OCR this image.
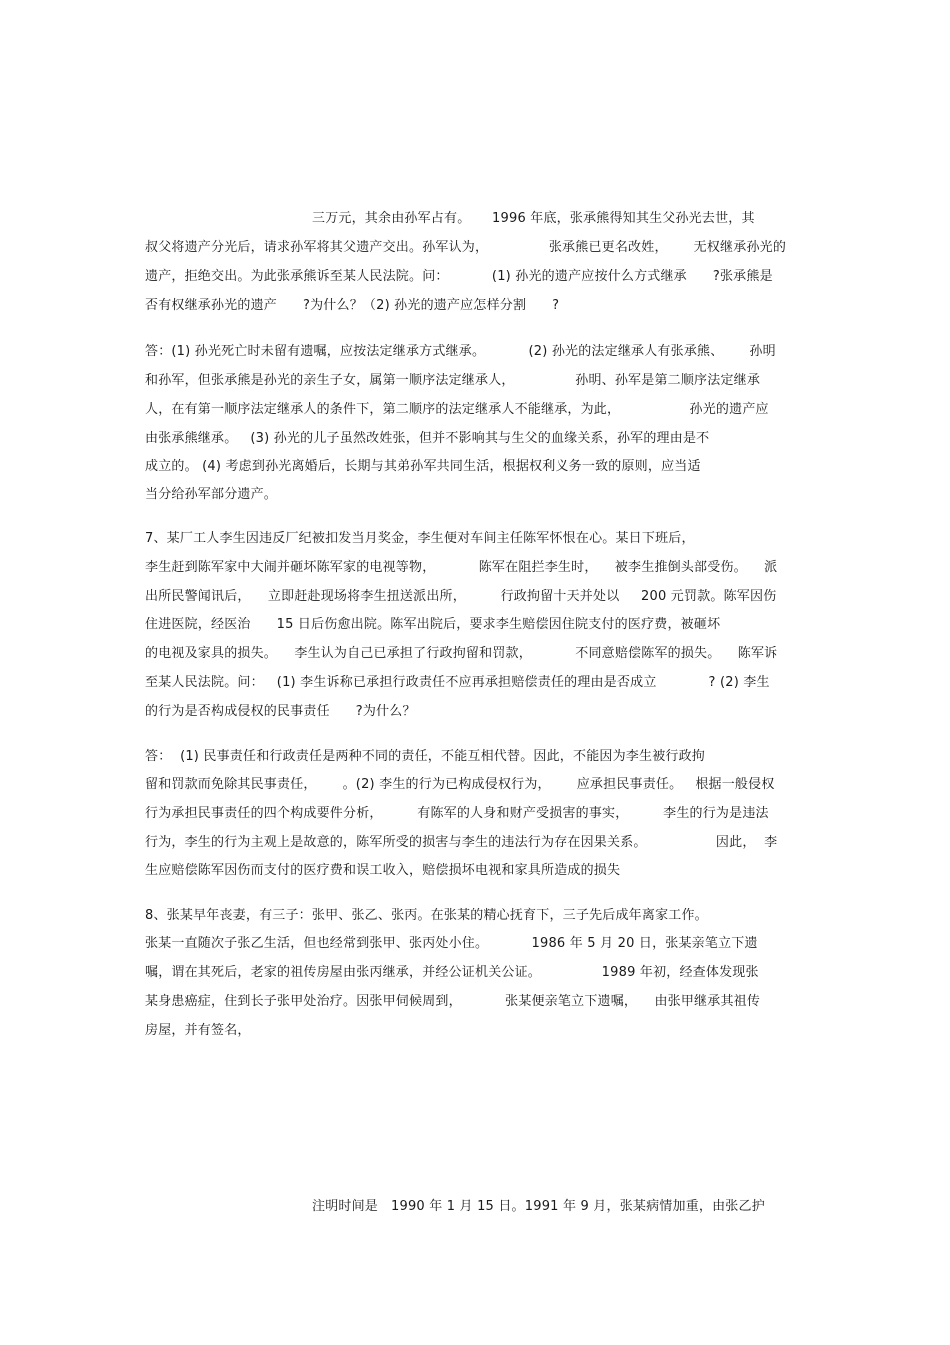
三万元，其余由孙军占有。     1996 年底，张承熊得知其生父孙光去世，其
叔父将遗产分光后，请求孙军将其父遗产交出。孙军认为，              张承熊已更名改姓，      无权继承孙光的
遗产，拒绝交出。为此张承熊诉至某人民法院。问：          (1) 孙光的遗产应按什么方式继承      ?张承熊是
否有权继承孙光的遗产      ?为什么？（2) 孙光的遗产应怎样分割      ?
答：(1) 孙光死亡时未留有遗嘱，应按法定继承方式继承。          (2) 孙光的法定继承人有张承熊、      孙明
和孙军，但张承熊是孙光的亲生子女，属第一顺序法定继承人，              孙明、孙军是第二顺序法定继承
人，在有第一顺序法定继承人的条件下，第二顺序的法定继承人不能继承，为此，                孙光的遗产应
由张承熊继承。   (3) 孙光的儿子虽然改姓张，但并不影响其与生父的血缘关系，孙军的理由是不
成立的。 (4) 考虑到孙光离婚后，长期与其弟孙军共同生活，根据权利义务一致的原则，应当适
当分给孙军部分遗产。
7、某厂工人李生因违反厂纪被扣发当月奖金，李生便对车间主任陈军怀恨在心。某日下班后，
李生赶到陈军家中大闹并砸坏陈军家的电视等物，          陈军在阻拦李生时，    被李生推倒头部受伤。    派
出所民警闻讯后，    立即赶赴现场将李生扭送派出所，        行政拘留十天并处以     200 元罚款。陈军因伤
住进医院，经医治      15 日后伤愈出院。陈军出院后，要求李生赔偿因住院支付的医疗费，被砸坏
的电视及家具的损失。    李生认为自己已承担了行政拘留和罚款，          不同意赔偿陈军的损失。    陈军诉
至某人民法院。问：   (1) 李生诉称已承担行政责任不应再承担赔偿责任的理由是否成立            ? (2) 李生
的行为是否构成侵权的民事责任      ?为什么？
答：  (1) 民事责任和行政责任是两种不同的责任，不能互相代替。因此，不能因为李生被行政拘
留和罚款而免除其民事责任，      。(2) 李生的行为已构成侵权行为，      应承担民事责任。   根据一般侵权
行为承担民事责任的四个构成要件分析，        有陈军的人身和财产受损害的事实，        李生的行为是违法
行为，李生的行为主观上是故意的，陈军所受的损害与李生的违法行为存在因果关系。                因此，  李
生应赔偿陈军因伤而支付的医疗费和误工收入，赔偿损坏电视和家具所造成的损失
8、张某早年丧妻，有三子：张甲、张乙、张丙。在张某的精心抚育下，三子先后成年离家工作。
张某一直随次子张乙生活，但也经常到张甲、张丙处小住。          1986 年 5 月 20 日，张某亲笔立下遗
嘱，谓在其死后，老家的祖传房屋由张丙继承，并经公证机关公证。              1989 年初，经查体发现张
某身患癌症，住到长子张甲处治疗。因张甲伺候周到，          张某便亲笔立下遗嘱，    由张甲继承其祖传
房屋，并有签名，
注明时间是   1990 年 1 月 15 日。1991 年 9 月，张某病情加重，由张乙护
